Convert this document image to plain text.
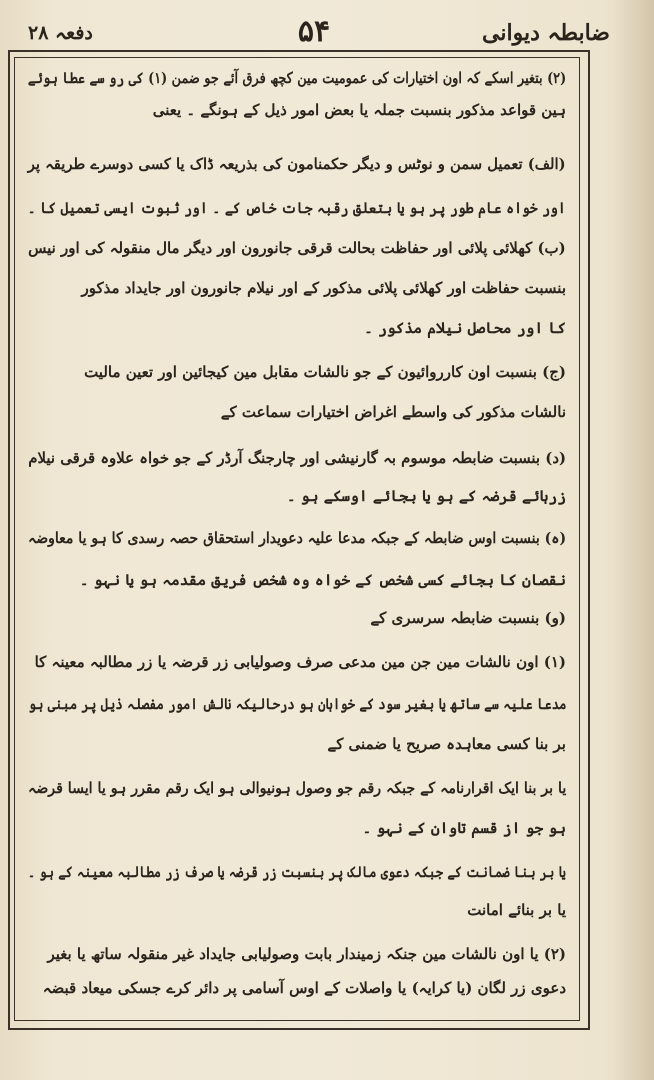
ضابطہ دیوانی
۵۴
دفعہ ۲۸
(۲) بتغیر اسکے کہ اون اختیارات کی عمومیت مین کچھ فرق آئے جو ضمن (۱) کی رو سے عطا ہوئے
ہین قواعد مذکور بنسبت جملہ یا بعض امور ذیل کے ہونگے ۔ یعنی
(الف) تعمیل سمن و نوٹس و دیگر حکمنامون کی بذریعہ ڈاک یا کسی دوسرے طریقہ پر
اور خواہ عام طور پر ہو یا بتعلق رقبہ جات خاص کے ۔ اور ثبوت ایسی تعمیل کا ۔
(ب) کھلائی پلائی اور حفاظت بحالت قرقی جانورون اور دیگر مال منقولہ کی اور نیس
بنسبت حفاظت اور کھلائی پلائی مذکور کے اور نیلام جانورون اور جایداد مذکور
کا اور محاصل نیلام مذکور ۔
(ج) بنسبت اون کارروائیون کے جو نالشات مقابل مین کیجائین اور تعین مالیت
نالشات مذکور کی واسطے اغراض اختیارات سماعت کے
(د) بنسبت ضابطہ موسوم بہ گارنیشی اور چارجنگ آرڈر کے جو خواہ علاوہ قرقی نیلام
زرہائے قرضہ کے ہو یا بجائے اوسکے ہو ۔
(ہ) بنسبت اوس ضابطہ کے جبکہ مدعا علیہ دعویدار استحقاق حصہ رسدی کا ہو یا معاوضہ
نقصان کا بجائے کسی شخص کے خواہ وہ شخص فریق مقدمہ ہو یا نہو ۔
(و) بنسبت ضابطہ سرسری کے
(۱) اون نالشات مین جن مین مدعی صرف وصولیابی زر قرضہ یا زر مطالبہ معینہ کا
مدعا علیہ سے ساتھ یا بغیر سود کے خواہان ہو درحالیکہ نالش امور مفصلہ ذیل پر مبنی ہو
بر بنا کسی معاہدہ صریح یا ضمنی کے
یا بر بنا ایک اقرارنامہ کے جبکہ رقم جو وصول ہونیوالی ہو ایک رقم مقرر ہو یا ایسا قرضہ
ہو جو از قسم تاوان کے نہو ۔
یا بر بنا ضمانت کے جبکہ دعوی مالک پر بنسبت زر قرضہ یا صرف زر مطالبہ معینہ کے ہو ۔
یا بر بنائے امانت
(۲) یا اون نالشات مین جنکہ زمیندار بابت وصولیابی جایداد غیر منقولہ ساتھ یا بغیر
دعوی زر لگان (یا کرایہ) یا واصلات کے اوس آسامی پر دائر کرے جسکی میعاد قبضہ
